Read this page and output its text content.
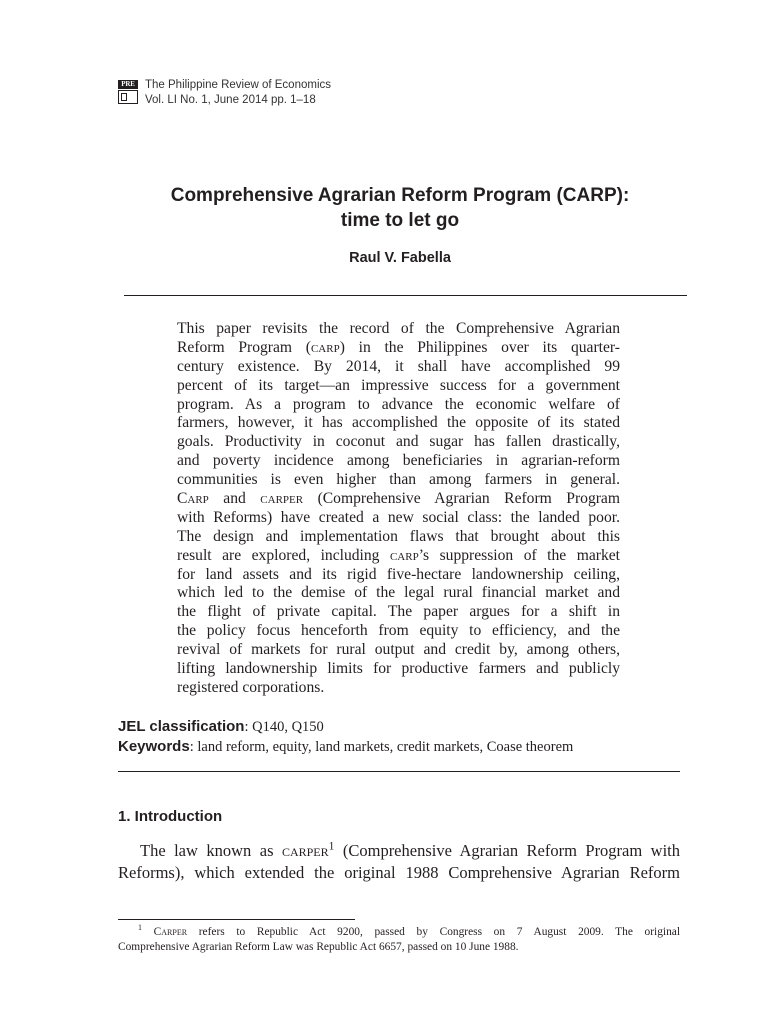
PRE The Philippine Review of Economics
Vol. LI No. 1, June 2014 pp. 1–18
Comprehensive Agrarian Reform Program (CARP):
time to let go
Raul V. Fabella
This paper revisits the record of the Comprehensive Agrarian
Reform Program (carp) in the Philippines over its quarter-
century existence. By 2014, it shall have accomplished 99
percent of its target—an impressive success for a government
program. As a program to advance the economic welfare of
farmers, however, it has accomplished the opposite of its stated
goals. Productivity in coconut and sugar has fallen drastically,
and poverty incidence among beneficiaries in agrarian-reform
communities is even higher than among farmers in general.
Carp and carper (Comprehensive Agrarian Reform Program
with Reforms) have created a new social class: the landed poor.
The design and implementation flaws that brought about this
result are explored, including carp’s suppression of the market
for land assets and its rigid five-hectare landownership ceiling,
which led to the demise of the legal rural financial market and
the flight of private capital. The paper argues for a shift in
the policy focus henceforth from equity to efficiency, and the
revival of markets for rural output and credit by, among others,
lifting landownership limits for productive farmers and publicly
registered corporations.
JEL classification: Q140, Q150
Keywords: land reform, equity, land markets, credit markets, Coase theorem
1. Introduction
The law known as carper$^1$ (Comprehensive Agrarian Reform Program with
Reforms), which extended the original 1988 Comprehensive Agrarian Reform
$^1$ Carper refers to Republic Act 9200, passed by Congress on 7 August 2009. The original
Comprehensive Agrarian Reform Law was Republic Act 6657, passed on 10 June 1988.
